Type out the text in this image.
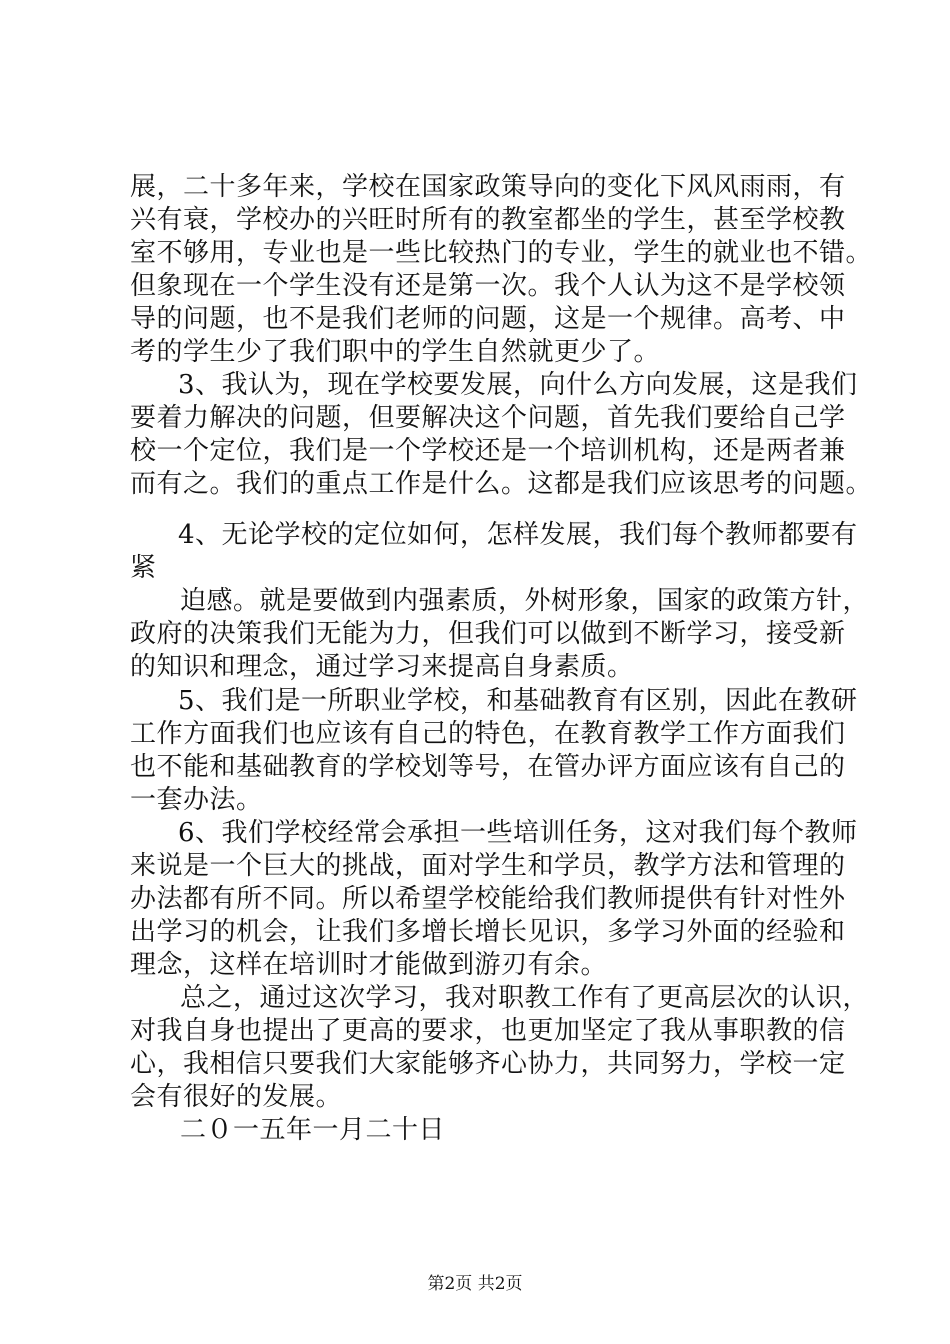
展，二十多年来，学校在国家政策导向的变化下风风雨雨，有
兴有衰，学校办的兴旺时所有的教室都坐的学生，甚至学校教
室不够用，专业也是一些比较热门的专业，学生的就业也不错。
但象现在一个学生没有还是第一次。我个人认为这不是学校领
导的问题，也不是我们老师的问题，这是一个规律。高考、中
考的学生少了我们职中的学生自然就更少了。
3、我认为，现在学校要发展，向什么方向发展，这是我们
要着力解决的问题，但要解决这个问题，首先我们要给自己学
校一个定位，我们是一个学校还是一个培训机构，还是两者兼
而有之。我们的重点工作是什么。这都是我们应该思考的问题。
4、无论学校的定位如何，怎样发展，我们每个教师都要有
紧
迫感。就是要做到内强素质，外树形象，国家的政策方针，
政府的决策我们无能为力，但我们可以做到不断学习，接受新
的知识和理念，通过学习来提高自身素质。
5、我们是一所职业学校，和基础教育有区别，因此在教研
工作方面我们也应该有自己的特色，在教育教学工作方面我们
也不能和基础教育的学校划等号，在管办评方面应该有自己的
一套办法。
6、我们学校经常会承担一些培训任务，这对我们每个教师
来说是一个巨大的挑战，面对学生和学员，教学方法和管理的
办法都有所不同。所以希望学校能给我们教师提供有针对性外
出学习的机会，让我们多增长增长见识，多学习外面的经验和
理念，这样在培训时才能做到游刃有余。
总之，通过这次学习，我对职教工作有了更高层次的认识，
对我自身也提出了更高的要求，也更加坚定了我从事职教的信
心，我相信只要我们大家能够齐心协力，共同努力，学校一定
会有很好的发展。
二０一五年一月二十日
第2页 共2页
